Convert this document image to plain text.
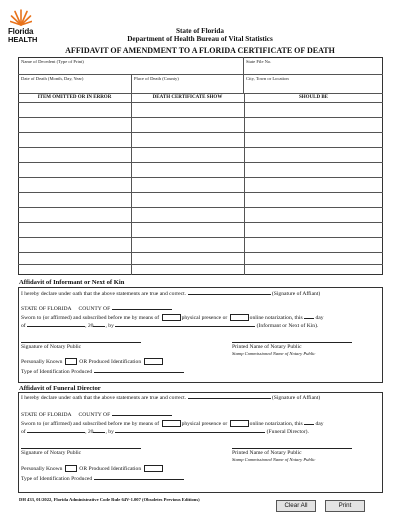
Florida
HEALTH
State of Florida
Department of Health Bureau of Vital Statistics
AFFIDAVIT OF AMENDMENT TO A FLORIDA CERTIFICATE OF DEATH
Name of Decedent (Type of Print)	State File No.
Date of Death (Month, Day, Year)	Place of Death (County)	City, Town or Location
ITEM OMITTED OR IN ERROR	DEATH CERTIFICATE SHOW	SHOULD BE
Affidavit of Informant or Next of Kin
I hereby declare under oath that the above statements are true and correct.	(Signature of Affiant)
STATE OF FLORIDA COUNTY OF
Sworn to (or affirmed) and subscribed before me by means of	physical presence or	online notarization, this day
of	, 20 , by	(Informant or Next of Kin).
Signature of Notary Public	Printed Name of Notary Public
Stamp Commissioned Name of Notary Public
Personally Known	OR Produced Identification
Type of Identification Produced
Affidavit of Funeral Director
I hereby declare under oath that the above statements are true and correct.	(Signature of Affiant)
STATE OF FLORIDA COUNTY OF
Sworn to (or affirmed) and subscribed before me by means of	physical presence or	online notarization, this day
of	, 20 , by	(Funeral Director).
Signature of Notary Public	Printed Name of Notary Public
Stamp Commissioned Name of Notary Public
Personally Known	OR Produced Identification
Type of Identification Produced
DH 433, 01/2022, Florida Administrative Code Rule 64V-1.007 (Obsoletes Previous Editions)
Clear All	Print
